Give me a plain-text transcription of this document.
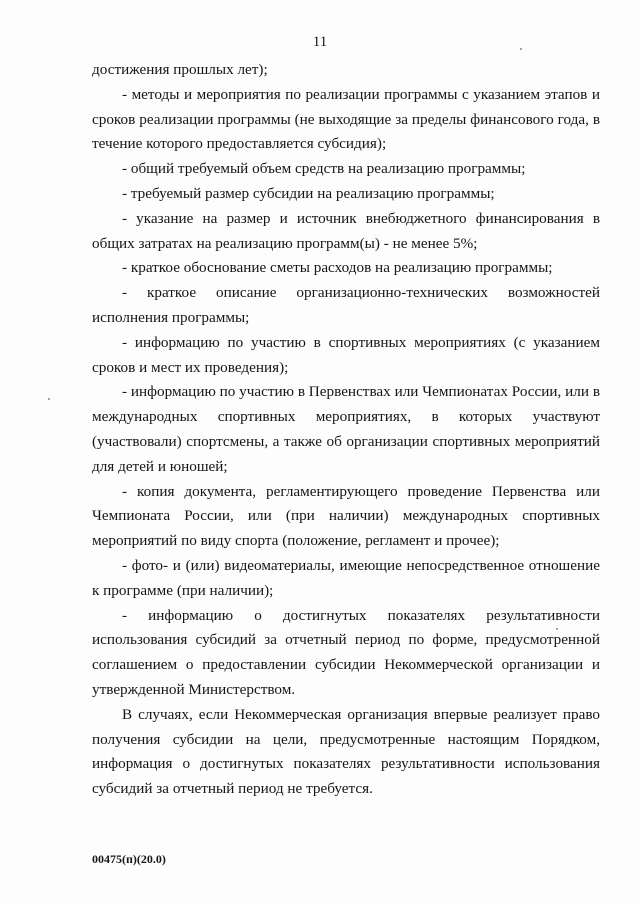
11

достижения прошлых лет);

- методы и мероприятия по реализации программы с указанием этапов и сроков реализации программы (не выходящие за пределы финансового года, в течение которого предоставляется субсидия);

- общий требуемый объем средств на реализацию программы;

- требуемый размер субсидии на реализацию программы;

- указание на размер и источник внебюджетного финансирования в общих затратах на реализацию программ(ы) - не менее 5%;

- краткое обоснование сметы расходов на реализацию программы;

- краткое описание организационно-технических возможностей исполнения программы;

- информацию по участию в спортивных мероприятиях (с указанием сроков и мест их проведения);

- информацию по участию в Первенствах или Чемпионатах России, или в международных спортивных мероприятиях, в которых участвуют (участвовали) спортсмены, а также об организации спортивных мероприятий для детей и юношей;

- копия документа, регламентирующего проведение Первенства или Чемпионата России, или (при наличии) международных спортивных мероприятий по виду спорта (положение, регламент и прочее);

- фото- и (или) видеоматериалы, имеющие непосредственное отношение к программе (при наличии);

- информацию о достигнутых показателях результативности использования субсидий за отчетный период по форме, предусмотренной соглашением о предоставлении субсидии Некоммерческой организации и утвержденной Министерством.

В случаях, если Некоммерческая организация впервые реализует право получения субсидии на цели, предусмотренные настоящим Порядком, информация о достигнутых показателях результативности использования субсидий за отчетный период не требуется.

00475(п)(20.0)
